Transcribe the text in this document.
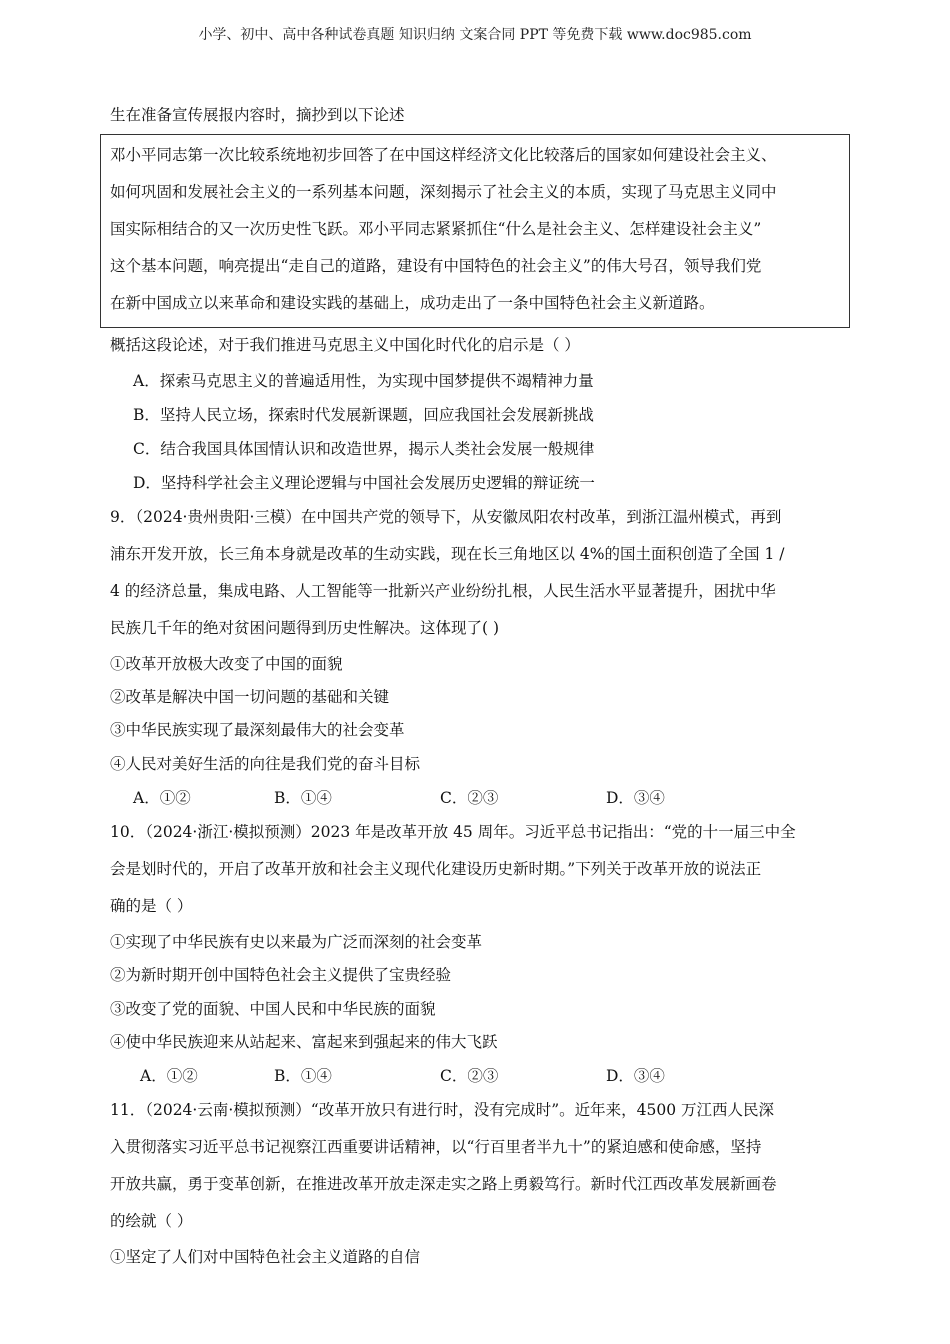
小学、初中、高中各种试卷真题 知识归纳 文案合同 PPT 等免费下载 www.doc985.com
生在准备宣传展报内容时，摘抄到以下论述
邓小平同志第一次比较系统地初步回答了在中国这样经济文化比较落后的国家如何建设社会主义、
如何巩固和发展社会主义的一系列基本问题，深刻揭示了社会主义的本质，实现了马克思主义同中
国实际相结合的又一次历史性飞跃。邓小平同志紧紧抓住“什么是社会主义、怎样建设社会主义”
这个基本问题，响亮提出“走自己的道路，建设有中国特色的社会主义”的伟大号召，领导我们党
在新中国成立以来革命和建设实践的基础上，成功走出了一条中国特色社会主义新道路。
概括这段论述，对于我们推进马克思主义中国化时代化的启示是（ ）
A．探索马克思主义的普遍适用性，为实现中国梦提供不竭精神力量
B．坚持人民立场，探索时代发展新课题，回应我国社会发展新挑战
C．结合我国具体国情认识和改造世界，揭示人类社会发展一般规律
D．坚持科学社会主义理论逻辑与中国社会发展历史逻辑的辩证统一
9．（2024·贵州贵阳·三模）在中国共产党的领导下，从安徽凤阳农村改革，到浙江温州模式，再到
浦东开发开放，长三角本身就是改革的生动实践，现在长三角地区以 4%的国土面积创造了全国 1 /
4 的经济总量，集成电路、人工智能等一批新兴产业纷纷扎根，人民生活水平显著提升，困扰中华
民族几千年的绝对贫困问题得到历史性解决。这体现了( )
①改革开放极大改变了中国的面貌
②改革是解决中国一切问题的基础和关键
③中华民族实现了最深刻最伟大的社会变革
④人民对美好生活的向往是我们党的奋斗目标
A．①②	B．①④	C．②③	D．③④
10．（2024·浙江·模拟预测）2023 年是改革开放 45 周年。习近平总书记指出：“党的十一届三中全
会是划时代的，开启了改革开放和社会主义现代化建设历史新时期。”下列关于改革开放的说法正
确的是（ ）
①实现了中华民族有史以来最为广泛而深刻的社会变革
②为新时期开创中国特色社会主义提供了宝贵经验
③改变了党的面貌、中国人民和中华民族的面貌
④使中华民族迎来从站起来、富起来到强起来的伟大飞跃
A．①②	B．①④	C．②③	D．③④
11．（2024·云南·模拟预测）“改革开放只有进行时，没有完成时”。近年来，4500 万江西人民深
入贯彻落实习近平总书记视察江西重要讲话精神，以“行百里者半九十”的紧迫感和使命感，坚持
开放共赢，勇于变革创新，在推进改革开放走深走实之路上勇毅笃行。新时代江西改革发展新画卷
的绘就（ ）
①坚定了人们对中国特色社会主义道路的自信
